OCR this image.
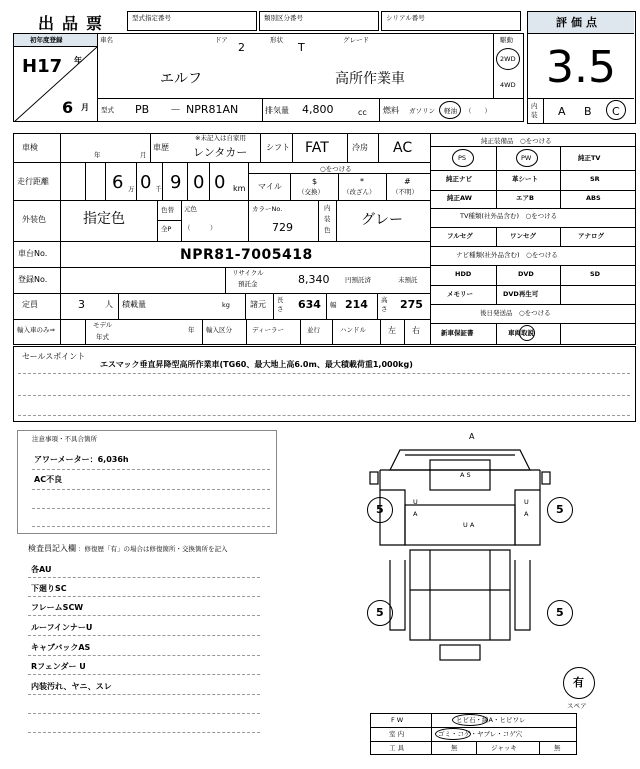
出品票	型式指定番号	類別区分番号	シリアル番号	評価点
3.5
内装 A B C
初年度登録
H17 年
6 月
車名	ドア
2
形状
T
グレード
エルフ	高所作業車
駆動
2WD
4WD
型式 PB － NPR81AN	排気量 4,800	cc 燃料 ガソリン 軽油 （　　）
車検
年	月
車歴
※未記入は自家用
レンタカー シフト FAT	冷房 AC
走行距離	6 万 0 千 9 0 0 km
○をつける
マイル
$
（交換）
*
（改ざん）
#
（不明）
外装色	指定色
色替
全P
元色
（　　　）
カラーNo.
729
内
装
色
グレー
車台No.	NPR81-7005418
登録No.
リサイクル
預託金	8,340 円預託済	未預託
定員	3	人 積載量	kg	諸元 長さ 634 幅 214 高さ 275
輸入車のみ⇒
モデル
年式
年 輸入区分	ディーラー	並行	ハンドル	左 右
純正装備品　○をつける
PS	PW	純正TV
純正ナビ	革シート	SR
純正AW	エアB	ABS
TV種類(社外品含む)　○をつける
フルセグ	ワンセグ	アナログ
ナビ種類(社外品含む)　○をつける
HDD	DVD	SD
メモリー	DVD再生可
後日発送品　○をつける
新車保証書	車両取説
セールスポイント
エスマック垂直昇降型高所作業車(TG60、最大地上高6.0m、最大積載荷重1,000kg)
注意事項・不具合箇所
アワーメーター：6,036h
AC不良
検査員記入欄 ：修復歴「有」の場合は修復箇所・交換箇所を記入
各AU
下廻りSC
フレームSCW
ルーフインナーU
キャブバックAS
Rフェンダー U
内装汚れ、ヤニ、スレ
A
A S
U
A
U
A
U A
5	5
5	5
有
スペア
F W	ヒビ石・線A・ヒビワレ
室 内	ゴミ・コゲ・ヤブレ・コゲ穴
工 具	無	ジャッキ	無
